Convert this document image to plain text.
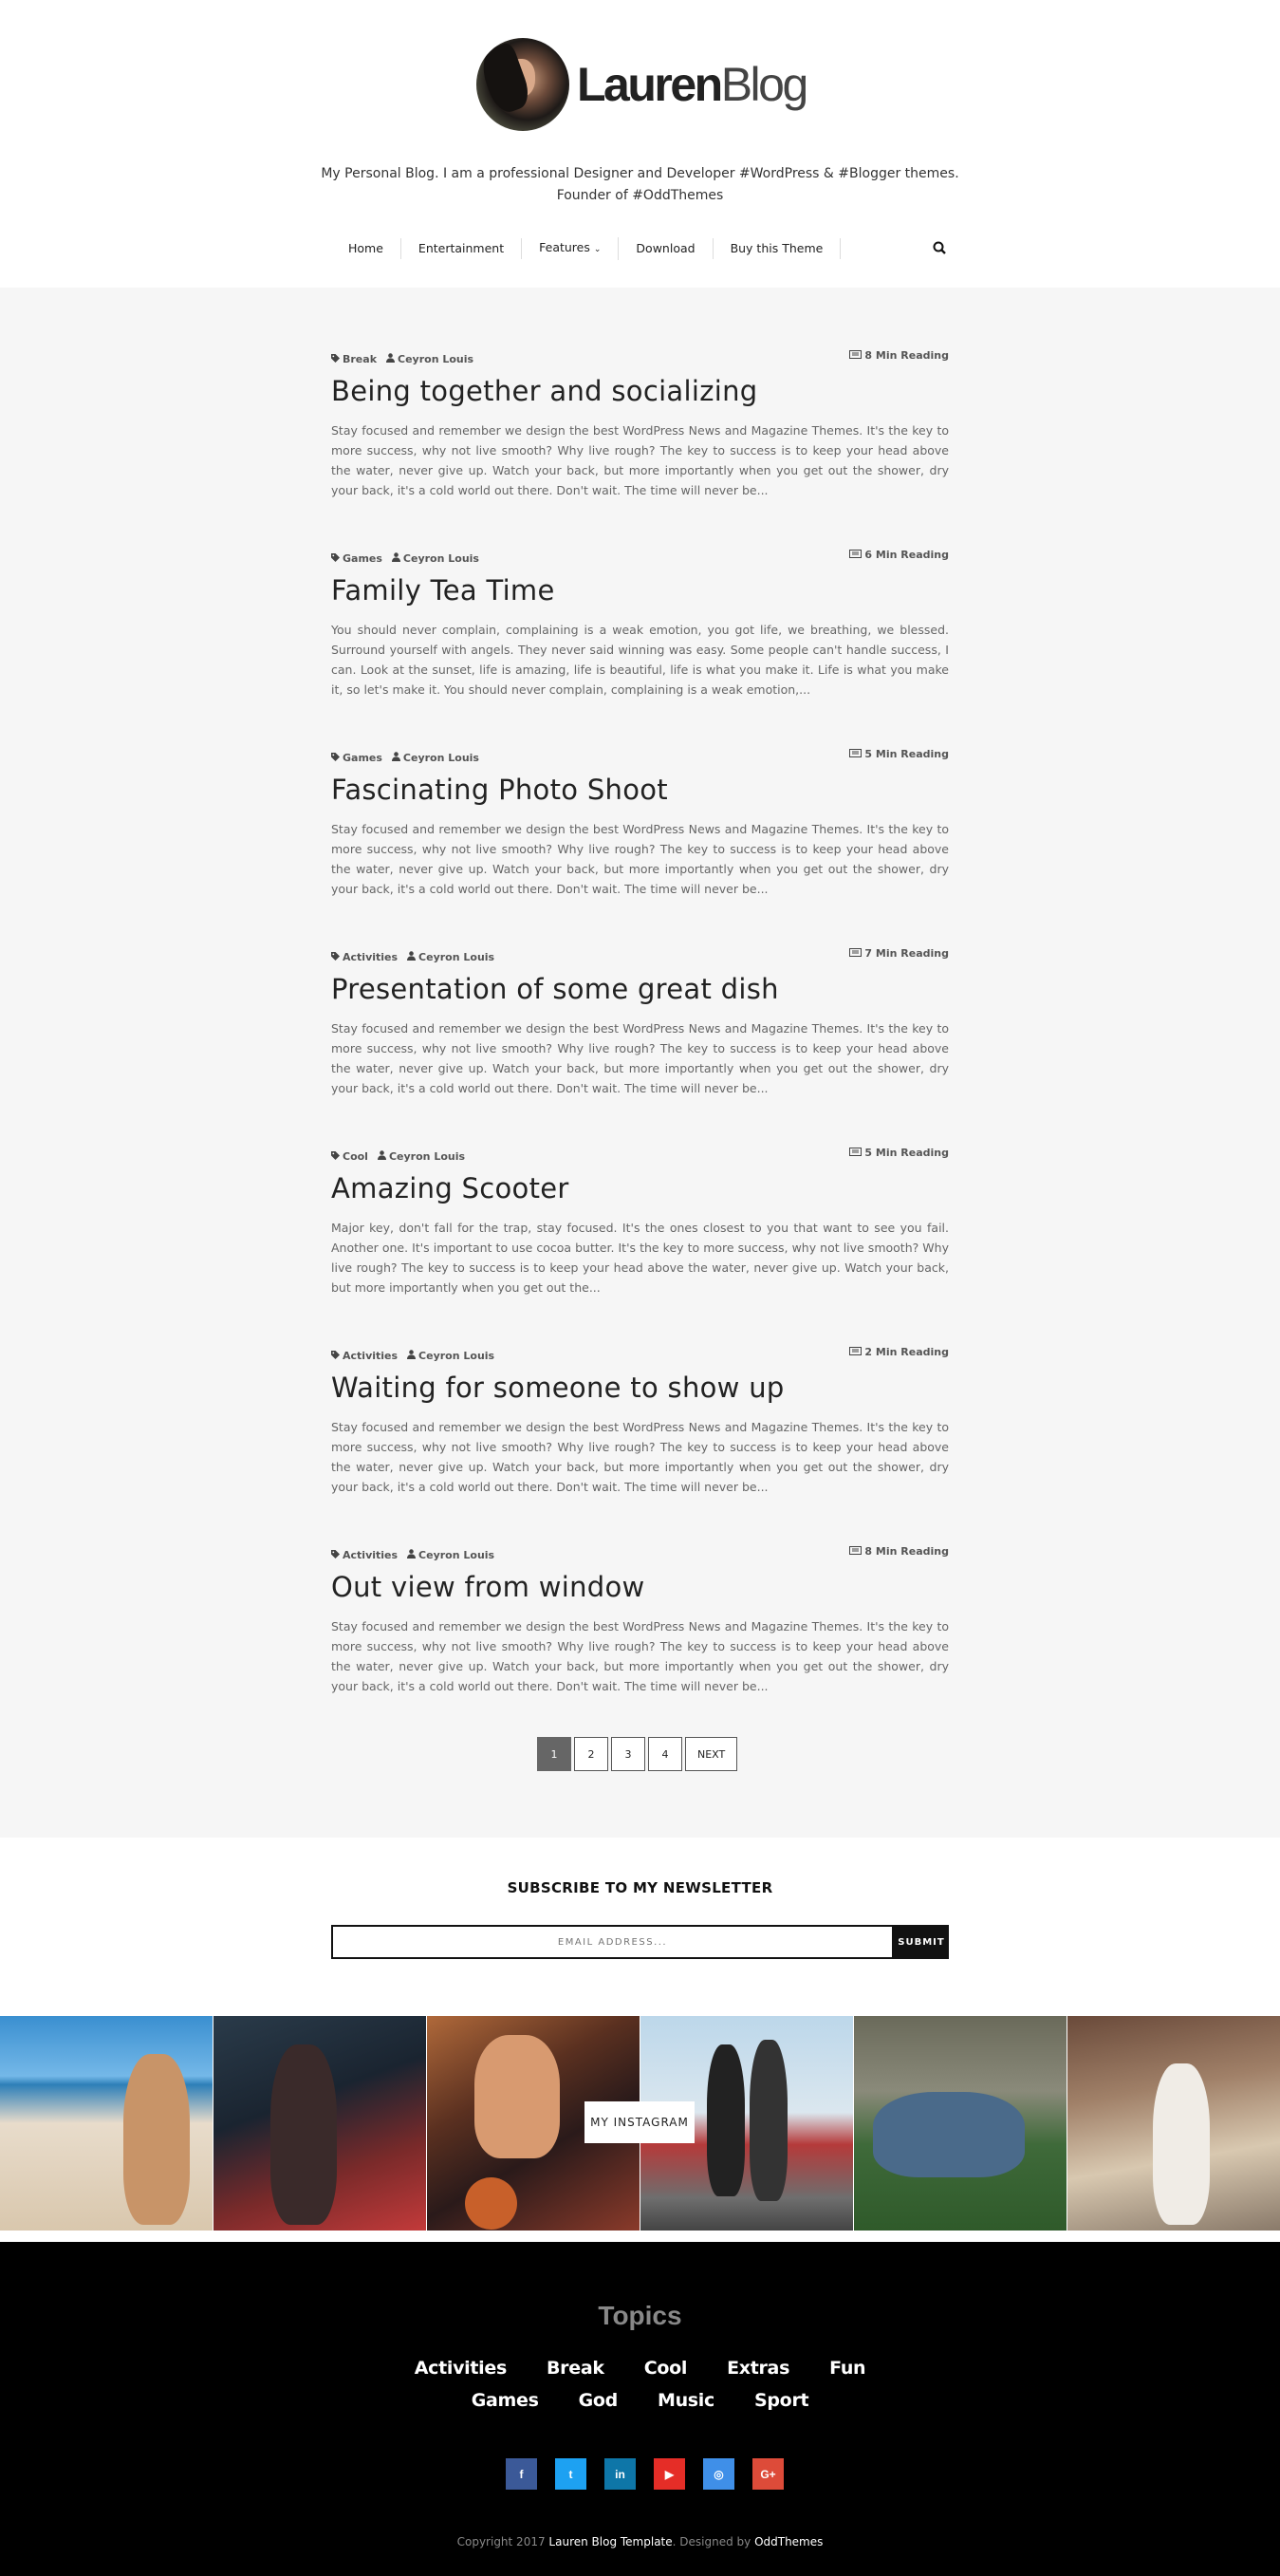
LaurenBlog
My Personal Blog. I am a professional Designer and Developer #WordPress & #Blogger themes.
Founder of #OddThemes
Home	Entertainment	Features ⌄	Download	Buy this Theme
Break Ceyron Louis	8 Min Reading
Being together and socializing

Stay focused and remember we design the best WordPress News and Magazine Themes. It's the key to more success, why not live smooth? Why live rough? The key to success is to keep your head above the water, never give up. Watch your back, but more importantly when you get out the shower, dry your back, it's a cold world out there. Don't wait. The time will never be...

Games Ceyron Louis	6 Min Reading
Family Tea Time

You should never complain, complaining is a weak emotion, you got life, we breathing, we blessed. Surround yourself with angels. They never said winning was easy. Some people can't handle success, I can. Look at the sunset, life is amazing, life is beautiful, life is what you make it. Life is what you make it, so let's make it. You should never complain, complaining is a weak emotion,...

Games Ceyron Louis	5 Min Reading
Fascinating Photo Shoot

Stay focused and remember we design the best WordPress News and Magazine Themes. It's the key to more success, why not live smooth? Why live rough? The key to success is to keep your head above the water, never give up. Watch your back, but more importantly when you get out the shower, dry your back, it's a cold world out there. Don't wait. The time will never be...

Activities Ceyron Louis	7 Min Reading
Presentation of some great dish

Stay focused and remember we design the best WordPress News and Magazine Themes. It's the key to more success, why not live smooth? Why live rough? The key to success is to keep your head above the water, never give up. Watch your back, but more importantly when you get out the shower, dry your back, it's a cold world out there. Don't wait. The time will never be...

Cool Ceyron Louis	5 Min Reading
Amazing Scooter

Major key, don't fall for the trap, stay focused. It's the ones closest to you that want to see you fail. Another one. It's important to use cocoa butter. It's the key to more success, why not live smooth? Why live rough? The key to success is to keep your head above the water, never give up. Watch your back, but more importantly when you get out the...

Activities Ceyron Louis	2 Min Reading
Waiting for someone to show up

Stay focused and remember we design the best WordPress News and Magazine Themes. It's the key to more success, why not live smooth? Why live rough? The key to success is to keep your head above the water, never give up. Watch your back, but more importantly when you get out the shower, dry your back, it's a cold world out there. Don't wait. The time will never be...

Activities Ceyron Louis	8 Min Reading
Out view from window

Stay focused and remember we design the best WordPress News and Magazine Themes. It's the key to more success, why not live smooth? Why live rough? The key to success is to keep your head above the water, never give up. Watch your back, but more importantly when you get out the shower, dry your back, it's a cold world out there. Don't wait. The time will never be...

1	2	3	4	NEXT
SUBSCRIBE TO MY NEWSLETTER
EMAIL ADDRESS...
SUBMIT
MY INSTAGRAM
Topics
Activities Break Cool Extras Fun
Games God Music Sport
f	t	in	▶	◎	G+
Copyright 2017 Lauren Blog Template. Designed by OddThemes
